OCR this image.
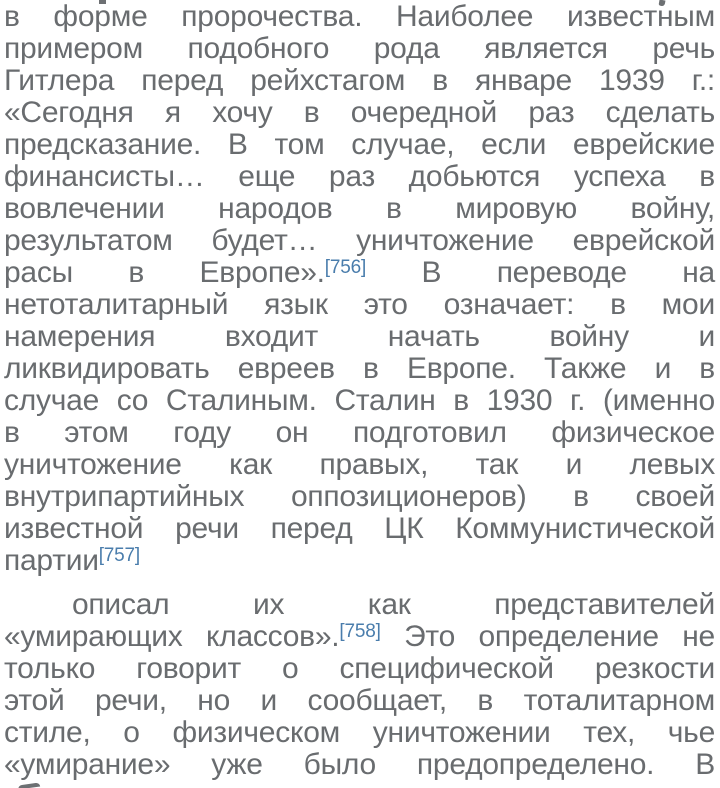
в форме пророчества. Наиболее известным
примером подобного рода является речь
Гитлера перед рейхстагом в январе 1939 г.:
«Сегодня я хочу в очередной раз сделать
предсказание. В том случае, если еврейские
финансисты… еще раз добьются успеха в
вовлечении народов в мировую войну,
результатом будет… уничтожение еврейской
расы в Европе».[756] В переводе на
нетоталитарный язык это означает: в мои
намерения входит начать войну и
ликвидировать евреев в Европе. Также и в
случае со Сталиным. Сталин в 1930 г. (именно
в этом году он подготовил физическое
уничтожение как правых, так и левых
внутрипартийных оппозиционеров) в своей
известной речи перед ЦК Коммунистической
партии[757]
описал их как представителей
«умирающих классов».[758] Это определение не
только говорит о специфической резкости
этой речи, но и сообщает, в тоталитарном
стиле, о физическом уничтожении тех, чье
«умирание» уже было предопределено. В
